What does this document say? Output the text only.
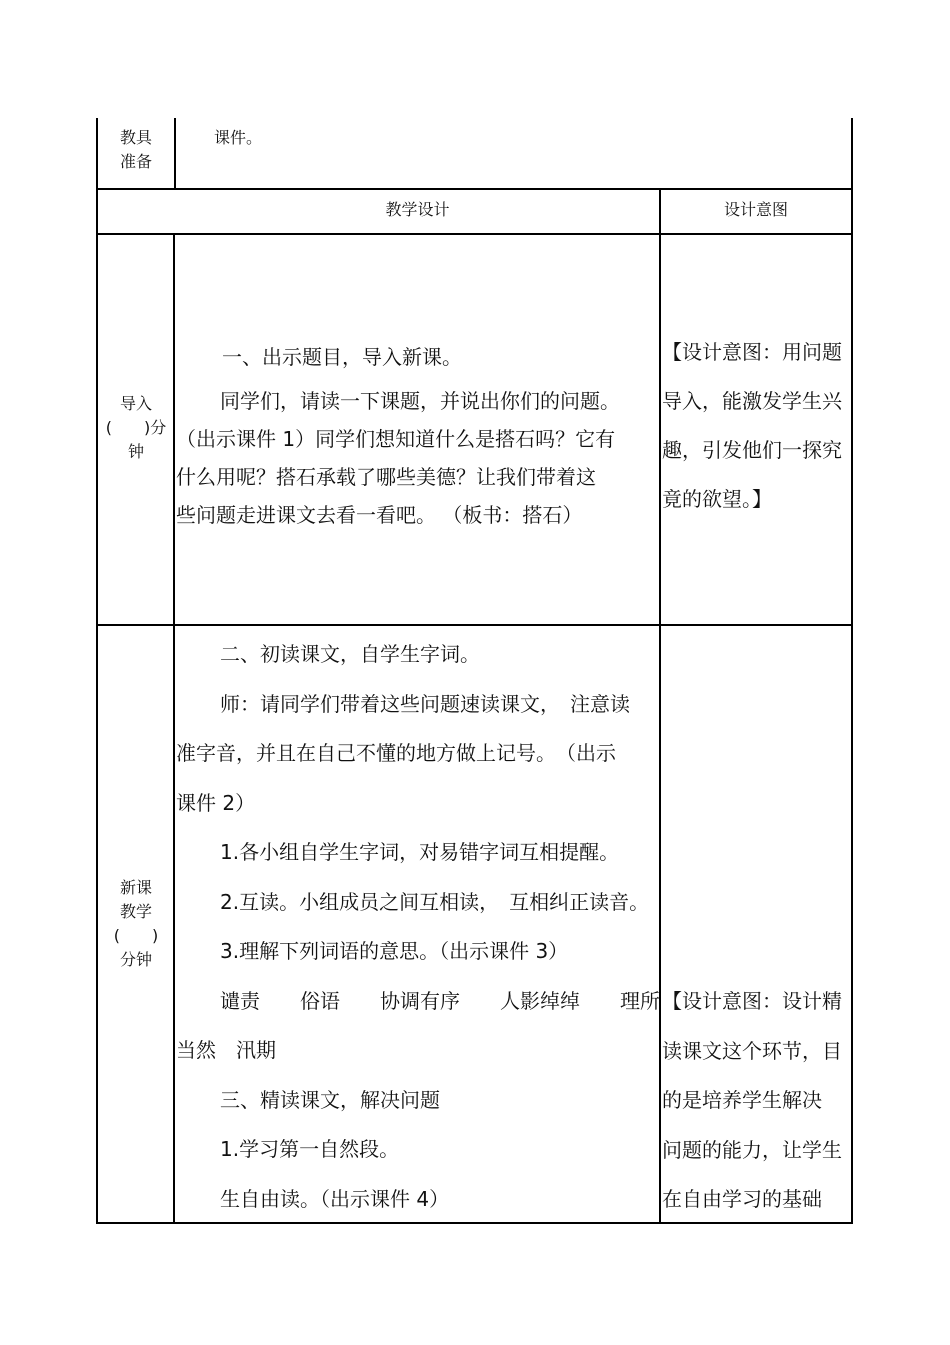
教具
准备
课件。
教学设计	设计意图
导入
(　　)分
钟

一、出示题目，导入新课。

同学们，请读一下课题，并说出你们的问题。

（出示课件 1）同学们想知道什么是搭石吗？它有

什么用呢？搭石承载了哪些美德？让我们带着这

些问题走进课文去看一看吧。 （板书：搭石）

【设计意图：用问题

导入，能激发学生兴

趣，引发他们一探究

竟的欲望。】

新课
教学
(　　)
分钟

二、初读课文，自学生字词。

师：请同学们带着这些问题速读课文，　注意读

准字音，并且在自己不懂的地方做上记号。　（出示

课件 2）

1.各小组自学生字词，对易错字词互相提醒。

2.互读。小组成员之间互相读，　互相纠正读音。

3.理解下列词语的意思。（出示课件 3）

谴责　　俗语　　协调有序　　人影绰绰　　理所

当然　汛期

三、精读课文，解决问题

1.学习第一自然段。

生自由读。（出示课件 4）

【设计意图：设计精

读课文这个环节，目

的是培养学生解决

问题的能力，让学生

在自由学习的基础
